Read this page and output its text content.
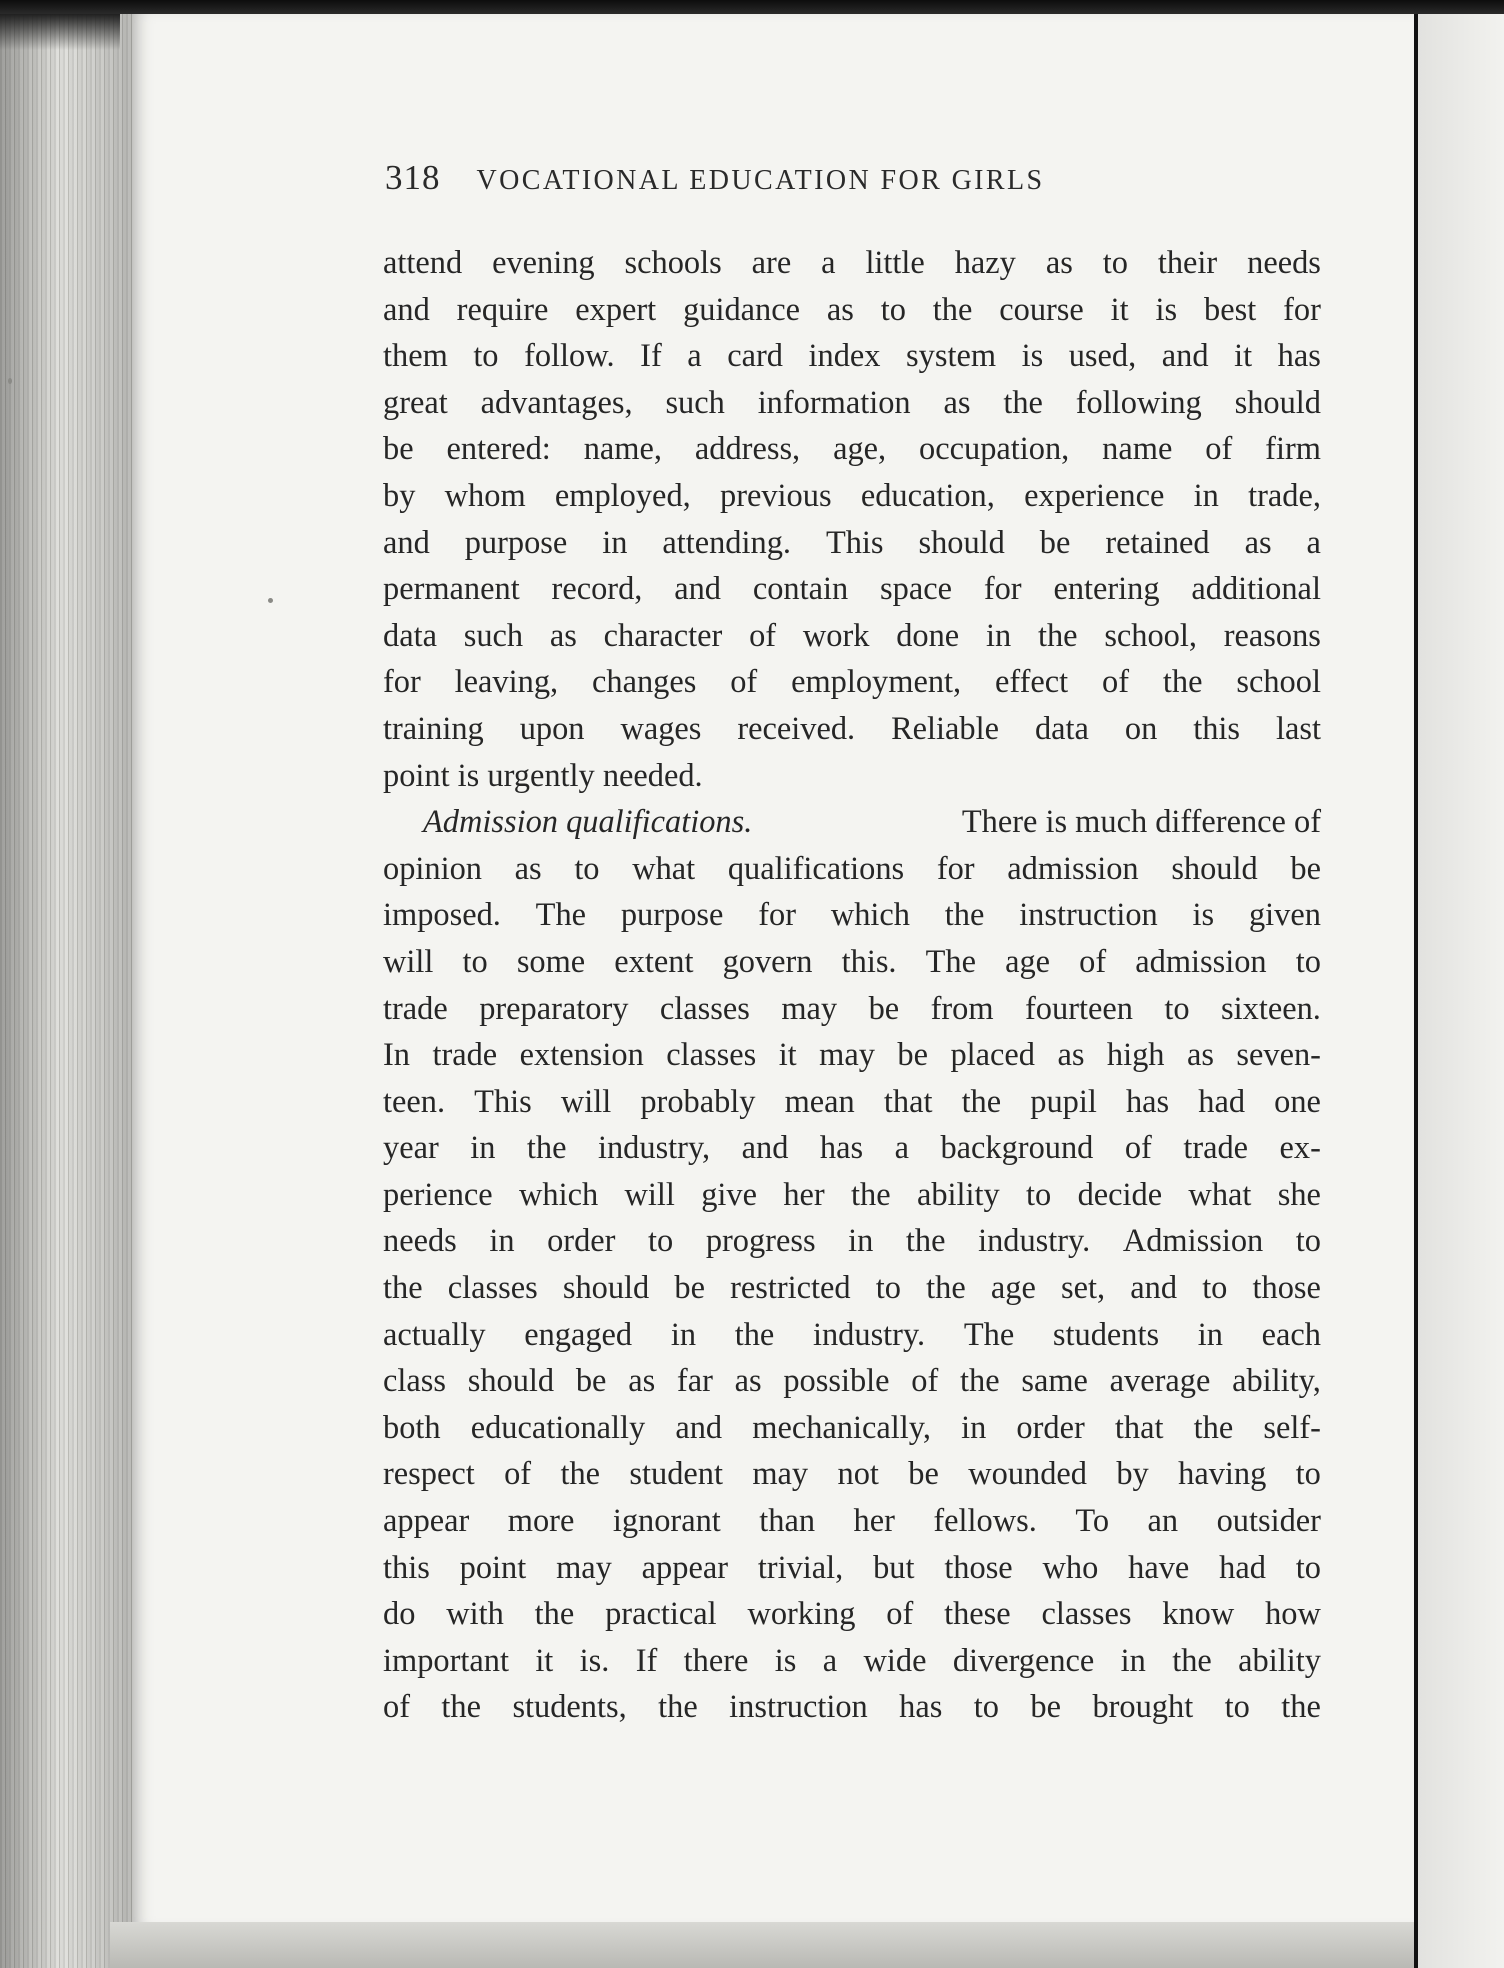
318 VOCATIONAL EDUCATION FOR GIRLS
attend evening schools are a little hazy as to their needs
and require expert guidance as to the course it is best for
them to follow. If a card index system is used, and it has
great advantages, such information as the following should
be entered: name, address, age, occupation, name of firm
by whom employed, previous education, experience in trade,
and purpose in attending. This should be retained as a
permanent record, and contain space for entering additional
data such as character of work done in the school, reasons
for leaving, changes of employment, effect of the school
training upon wages received. Reliable data on this last
point is urgently needed.
Admission qualifications.	There is much difference of
opinion as to what qualifications for admission should be
imposed. The purpose for which the instruction is given
will to some extent govern this. The age of admission to
trade preparatory classes may be from fourteen to sixteen.
In trade extension classes it may be placed as high as seven-
teen. This will probably mean that the pupil has had one
year in the industry, and has a background of trade ex-
perience which will give her the ability to decide what she
needs in order to progress in the industry. Admission to
the classes should be restricted to the age set, and to those
actually engaged in the industry. The students in each
class should be as far as possible of the same average ability,
both educationally and mechanically, in order that the self-
respect of the student may not be wounded by having to
appear more ignorant than her fellows. To an outsider
this point may appear trivial, but those who have had to
do with the practical working of these classes know how
important it is. If there is a wide divergence in the ability
of the students, the instruction has to be brought to the
